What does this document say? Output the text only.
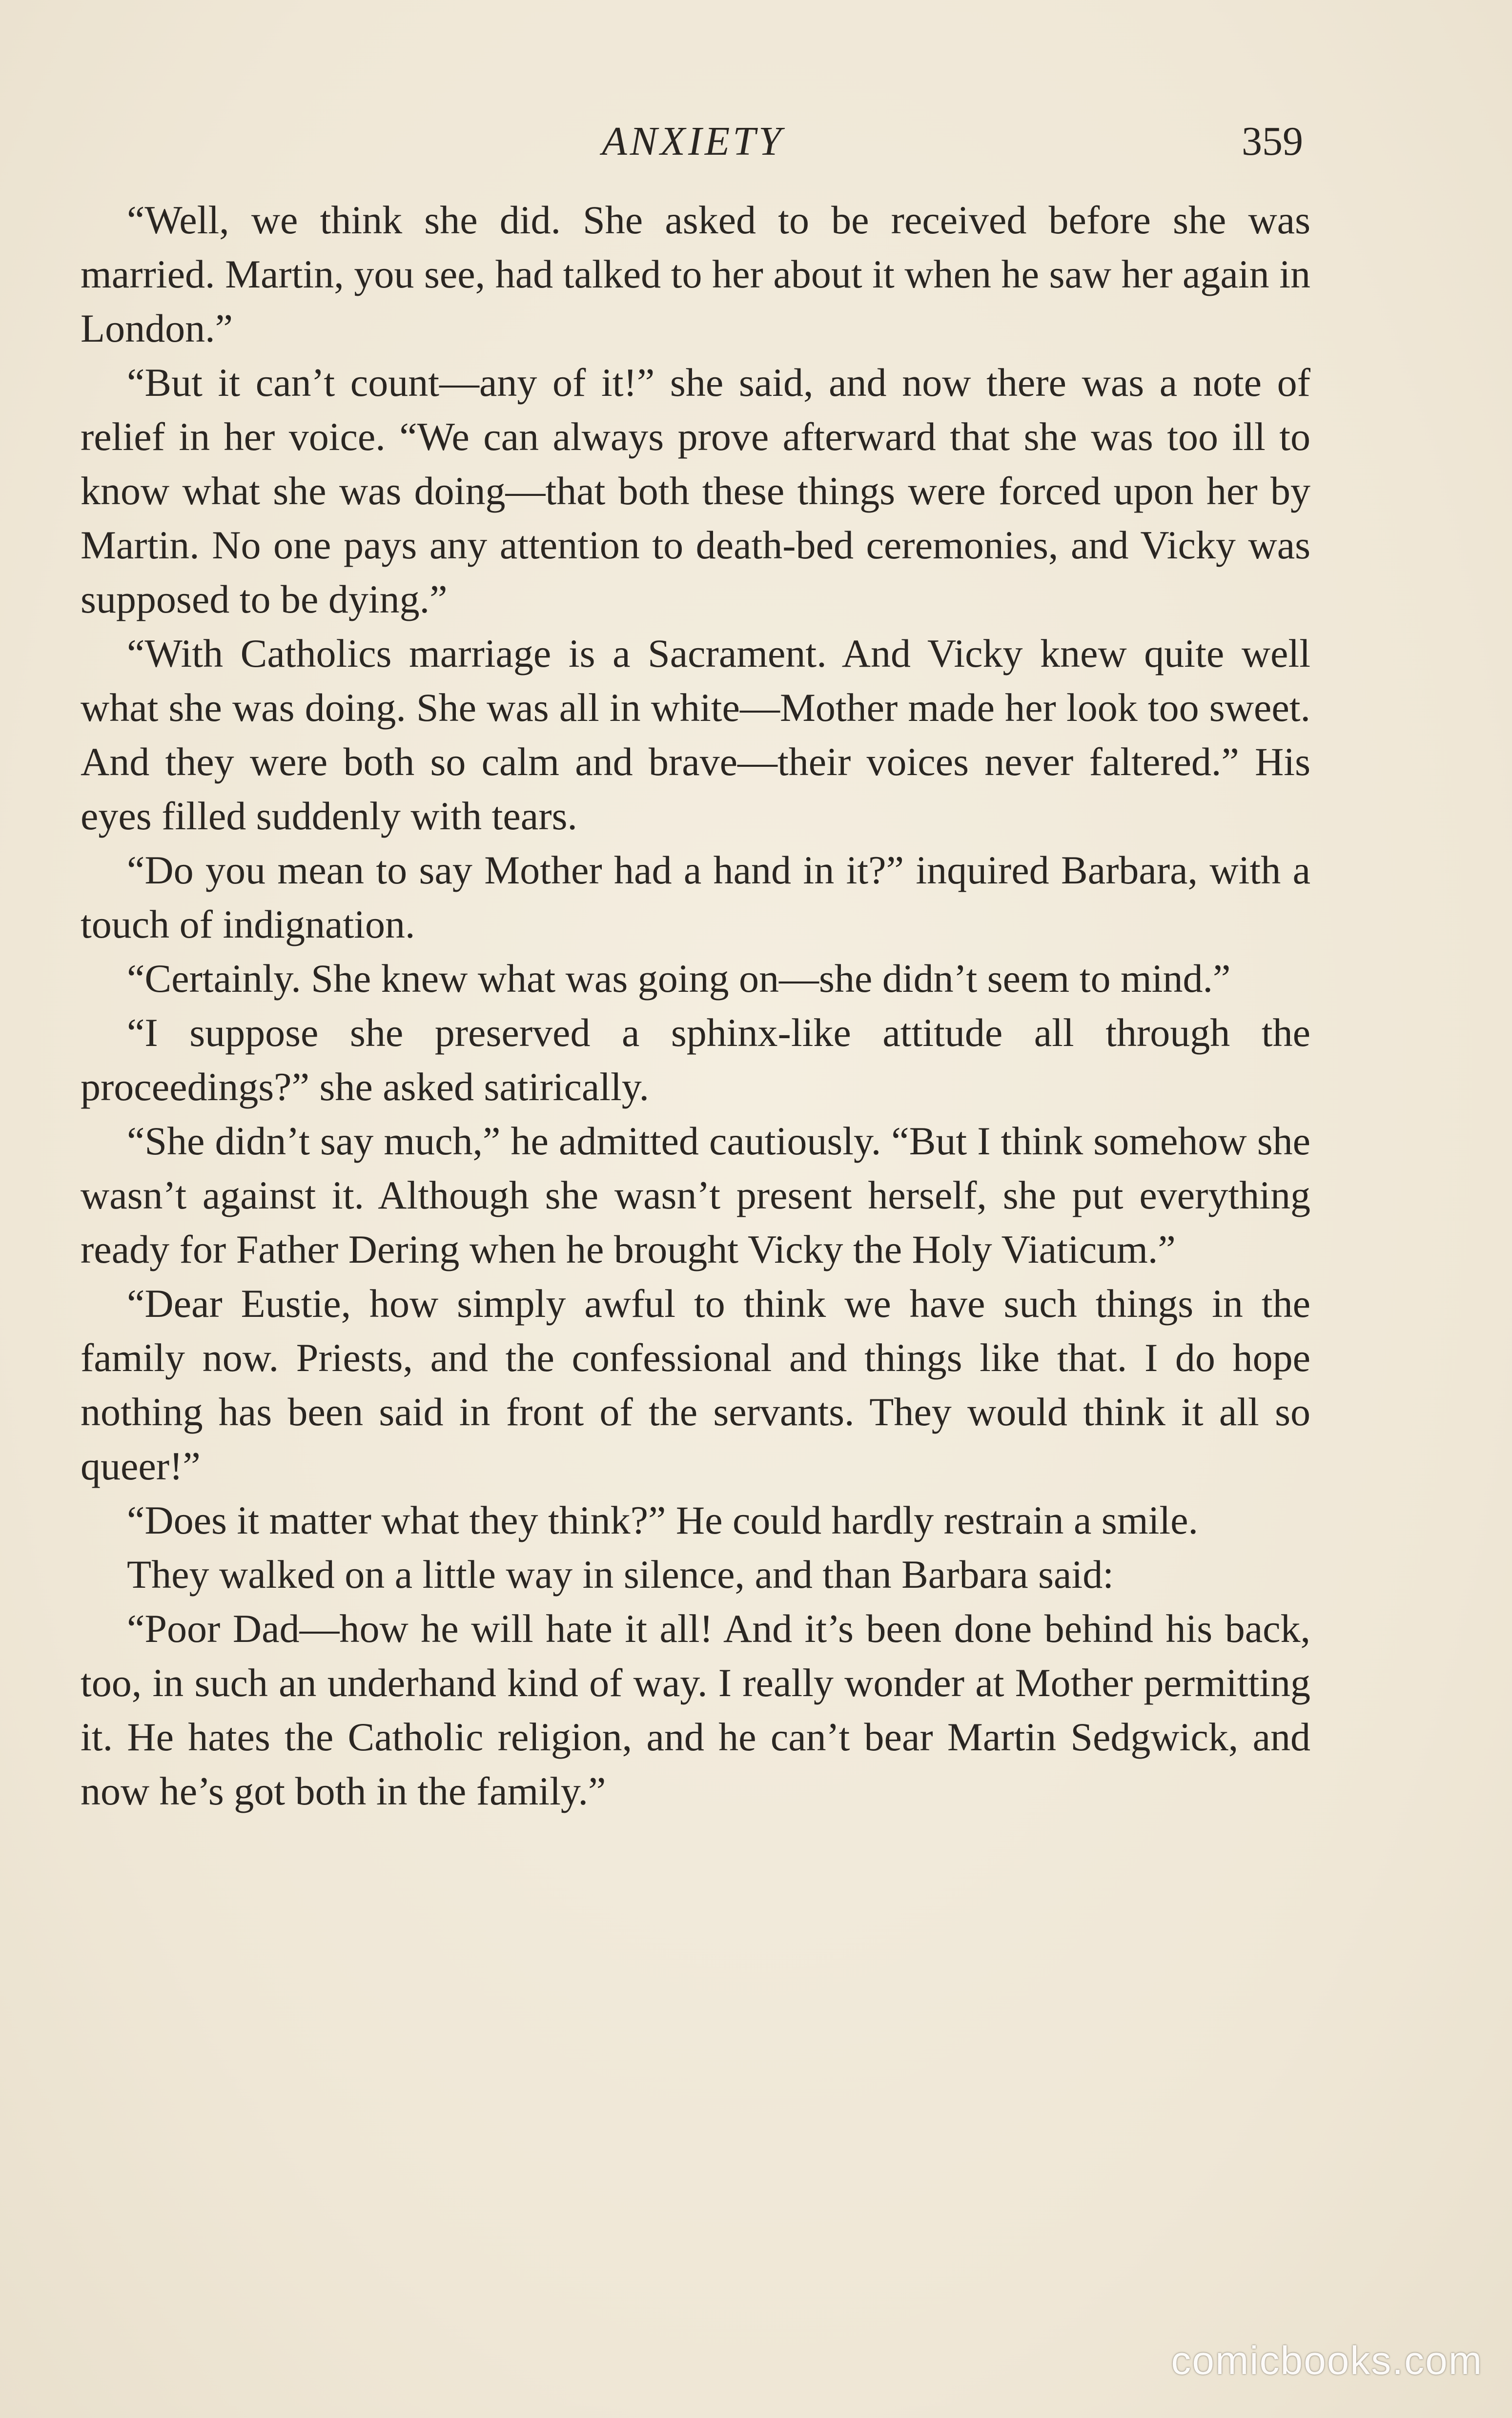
ANXIETY	359

“Well, we think she did. She asked to be received before she was married. Martin, you see, had talked to her about it when he saw her again in London.”

“But it can’t count—any of it!” she said, and now there was a note of relief in her voice. “We can always prove afterward that she was too ill to know what she was doing—that both these things were forced upon her by Martin. No one pays any attention to death-bed ceremonies, and Vicky was supposed to be dying.”

“With Catholics marriage is a Sacrament. And Vicky knew quite well what she was doing. She was all in white—Mother made her look too sweet. And they were both so calm and brave—their voices never faltered.” His eyes filled suddenly with tears.

“Do you mean to say Mother had a hand in it?” inquired Barbara, with a touch of indignation.

“Certainly. She knew what was going on—she didn’t seem to mind.”

“I suppose she preserved a sphinx-like attitude all through the proceedings?” she asked satirically.

“She didn’t say much,” he admitted cautiously. “But I think somehow she wasn’t against it. Although she wasn’t present herself, she put everything ready for Father Dering when he brought Vicky the Holy Viaticum.”

“Dear Eustie, how simply awful to think we have such things in the family now. Priests, and the confessional and things like that. I do hope nothing has been said in front of the servants. They would think it all so queer!”

“Does it matter what they think?” He could hardly restrain a smile.

They walked on a little way in silence, and than Barbara said:

“Poor Dad—how he will hate it all! And it’s been done behind his back, too, in such an underhand kind of way. I really wonder at Mother permitting it. He hates the Catholic religion, and he can’t bear Martin Sedgwick, and now he’s got both in the family.”

comicbooks.com
